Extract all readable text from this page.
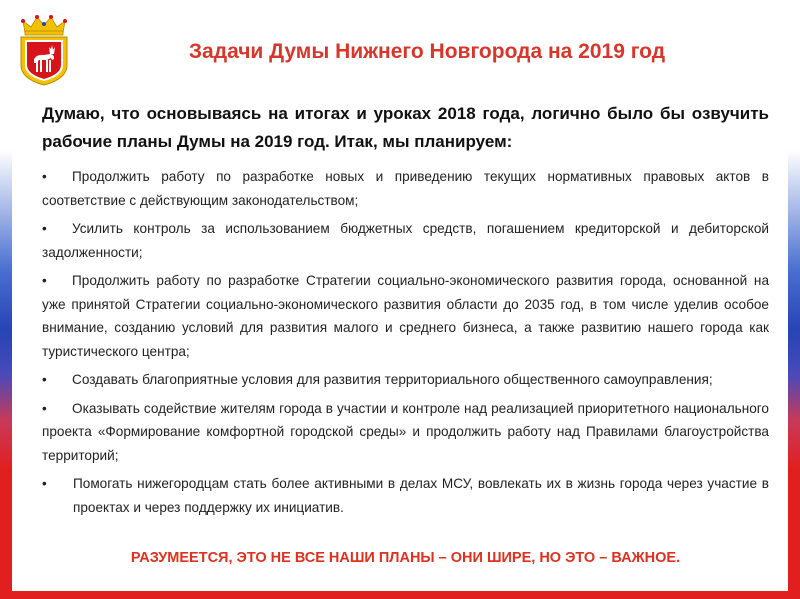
Задачи Думы Нижнего Новгорода на 2019 год

Думаю, что основываясь на итогах и уроках 2018 года, логично было бы озвучить рабочие планы Думы на 2019 год. Итак, мы планируем:

• Продолжить работу по разработке новых и приведению текущих нормативных правовых актов в соответствие с действующим законодательством;
• Усилить контроль за использованием бюджетных средств, погашением кредиторской и дебиторской задолженности;
• Продолжить работу по разработке Стратегии социально-экономического развития города, основанной на уже принятой Стратегии социально-экономического развития области до 2035 год, в том числе уделив особое внимание, созданию условий для развития малого и среднего бизнеса, а также развитию нашего города как туристического центра;
• Создавать благоприятные условия для развития территориального общественного самоуправления;
• Оказывать содействие жителям города в участии и контроле над реализацией приоритетного национального проекта «Формирование комфортной городской среды» и продолжить работу над Правилами благоустройства территорий;
•	Помогать нижегородцам стать более активными в делах МСУ, вовлекать их в жизнь города через участие в проектах и через поддержку их инициатив.

РАЗУМЕЕТСЯ, ЭТО НЕ ВСЕ НАШИ ПЛАНЫ – ОНИ ШИРЕ, НО ЭТО – ВАЖНОЕ.
